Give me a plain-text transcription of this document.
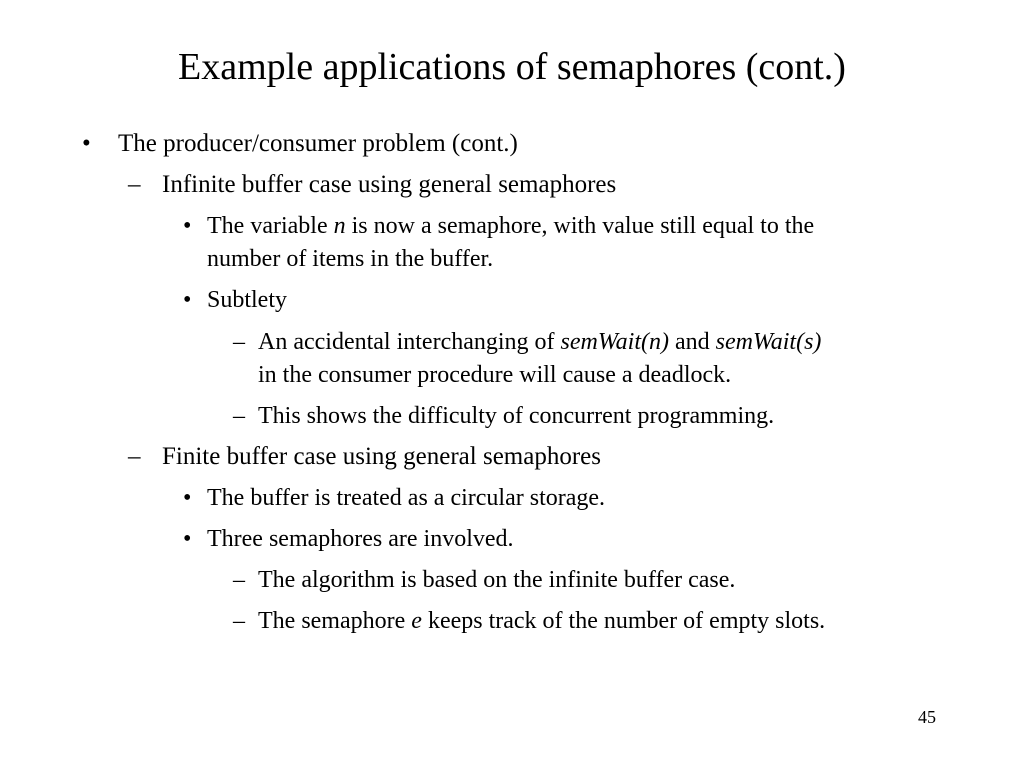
Example applications of semaphores (cont.)
• The producer/consumer problem (cont.)
– Infinite buffer case using general semaphores
• The variable n is now a semaphore, with value still equal to the
number of items in the buffer.
• Subtlety
– An accidental interchanging of semWait(n) and semWait(s)
in the consumer procedure will cause a deadlock.
– This shows the difficulty of concurrent programming.
– Finite buffer case using general semaphores
• The buffer is treated as a circular storage.
• Three semaphores are involved.
– The algorithm is based on the infinite buffer case.
– The semaphore e keeps track of the number of empty slots.
45
